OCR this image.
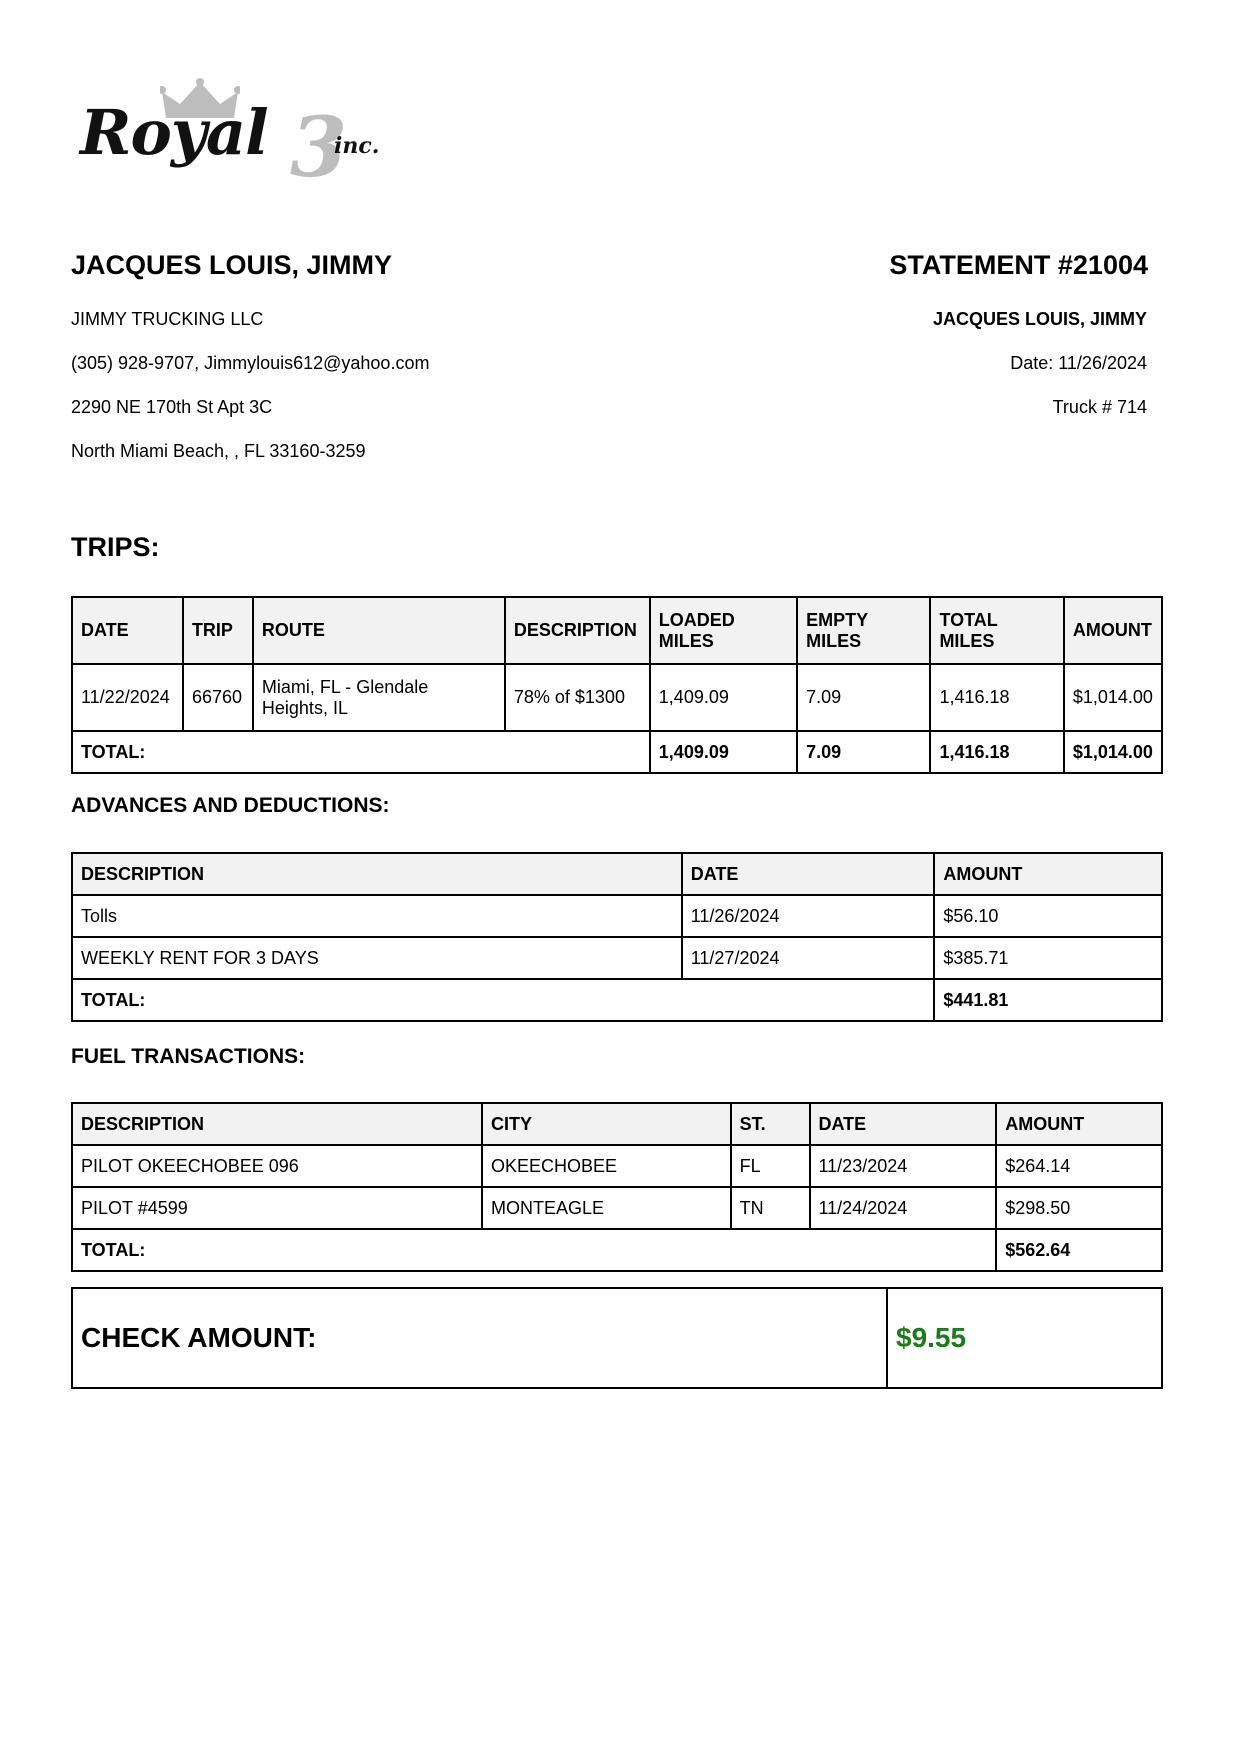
Royal 3
inc.
JACQUES LOUIS, JIMMY
JIMMY TRUCKING LLC
(305) 928-9707, Jimmylouis612@yahoo.com
2290 NE 170th St Apt 3C
North Miami Beach, , FL 33160-3259
STATEMENT #21004
JACQUES LOUIS, JIMMY
Date: 11/26/2024
Truck # 714
TRIPS:
DATE	TRIP	ROUTE	DESCRIPTION	LOADED MILES	EMPTY MILES	TOTAL MILES	AMOUNT
11/22/2024	66760	Miami, FL - Glendale Heights, IL	78% of $1300	1,409.09	7.09	1,416.18	$1,014.00
TOTAL:				1,409.09	7.09	1,416.18	$1,014.00
ADVANCES AND DEDUCTIONS:
DESCRIPTION	DATE	AMOUNT
Tolls	11/26/2024	$56.10
WEEKLY RENT FOR 3 DAYS	11/27/2024	$385.71
TOTAL:		$441.81
FUEL TRANSACTIONS:
DESCRIPTION	CITY	ST.	DATE	AMOUNT
PILOT OKEECHOBEE 096	OKEECHOBEE	FL	11/23/2024	$264.14
PILOT #4599	MONTEAGLE	TN	11/24/2024	$298.50
TOTAL:				$562.64
CHECK AMOUNT:	$9.55
